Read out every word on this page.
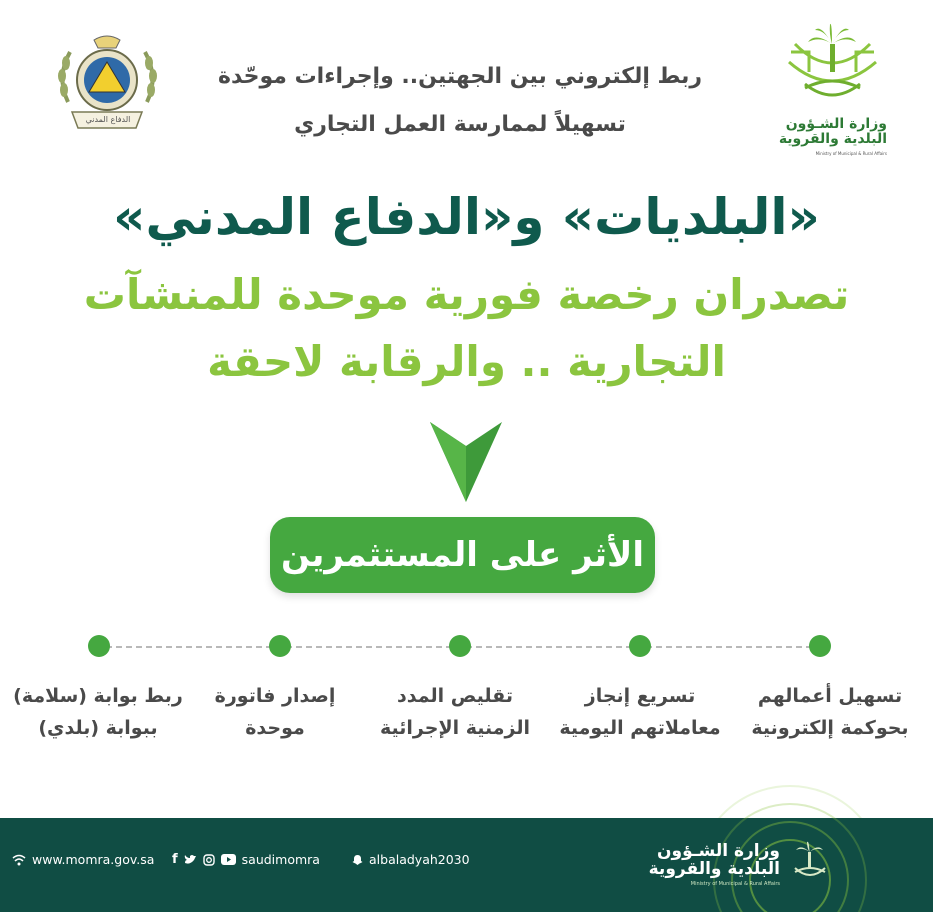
الدفاع المدني	وزارة الشـؤون
البلدية والقروية
Ministry of Municipal & Rural Affairs
ربط إلكتروني بين الجهتين.. وإجراءات موحّدة
تسهيلاً لممارسة العمل التجاري
«البلديات» و«الدفاع المدني»
تصدران رخصة فورية موحدة للمنشآت
التجارية .. والرقابة لاحقة
الأثر على المستثمرين
تسهيل أعمالهم
بحوكمة إلكترونية
تسريع إنجاز
معاملاتهم اليومية
تقليص المدد
الزمنية الإجرائية
إصدار فاتورة
موحدة
ربط بوابة (سلامة)
ببوابة (بلدي)
www.momra.gov.sa f	saudimomra	albaladyah2030	وزارة الشـؤون
البلدية والقروية
Ministry of Municipal & Rural Affairs
